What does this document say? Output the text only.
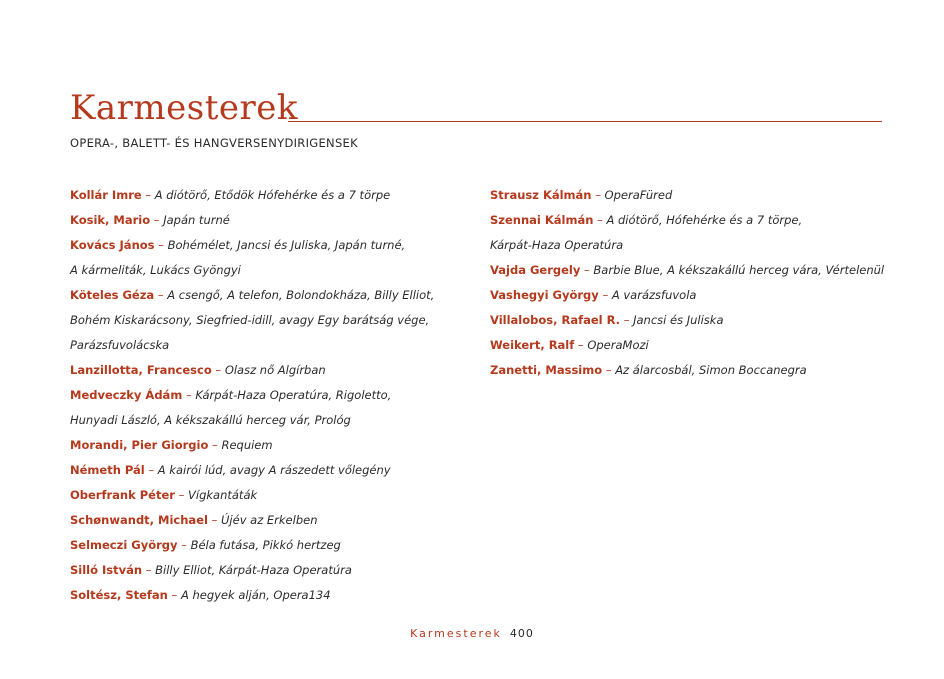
Karmesterek
OPERA-, BALETT- ÉS HANGVERSENYDIRIGENSEK
Kollár Imre – A diótörő, Etődök Hófehérke és a 7 törpe
Kosik, Mario – Japán turné
Kovács János – Bohémélet, Jancsi és Juliska, Japán turné,
A kármeliták, Lukács Gyöngyi
Köteles Géza – A csengő, A telefon, Bolondokháza, Billy Elliot,
Bohém Kiskarácsony, Siegfried-idill, avagy Egy barátság vége,
Parázsfuvolácska
Lanzillotta, Francesco – Olasz nő Algírban
Medveczky Ádám – Kárpát-Haza Operatúra, Rigoletto,
Hunyadi László, A kékszakállú herceg vár, Prológ
Morandi, Pier Giorgio – Requiem
Németh Pál – A kairói lúd, avagy A rászedett vőlegény
Oberfrank Péter – Vígkantáták
Schønwandt, Michael – Újév az Erkelben
Selmeczi György – Béla futása, Pikkó hertzeg
Silló István – Billy Elliot, Kárpát-Haza Operatúra
Soltész, Stefan – A hegyek alján, Opera134
Strausz Kálmán – OperaFüred
Szennai Kálmán – A diótörő, Hófehérke és a 7 törpe,
Kárpát-Haza Operatúra
Vajda Gergely – Barbie Blue, A kékszakállú herceg vára, Vértelenül
Vashegyi György – A varázsfuvola
Villalobos, Rafael R. – Jancsi és Juliska
Weikert, Ralf – OperaMozi
Zanetti, Massimo – Az álarcosbál, Simon Boccanegra
Karmesterek 400
